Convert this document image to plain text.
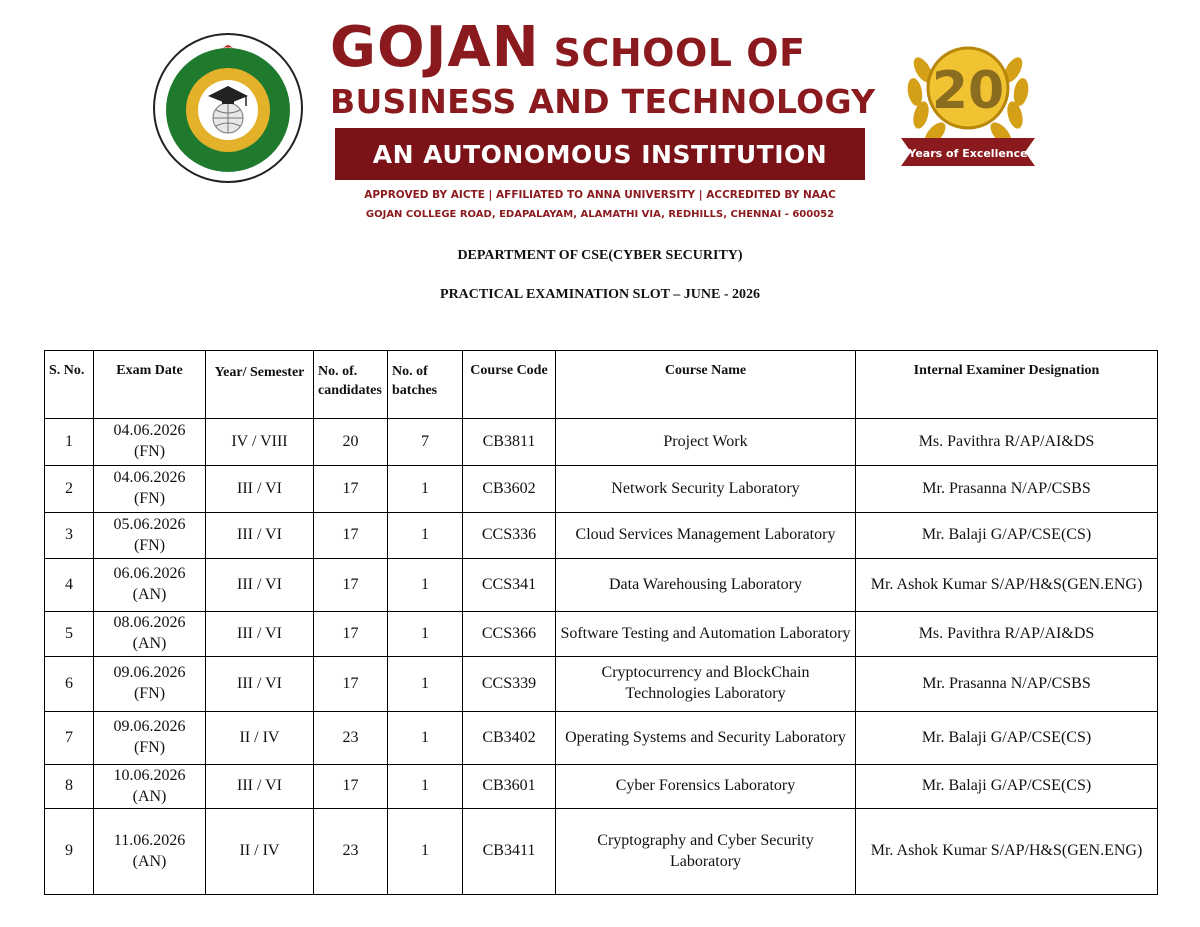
GOJAN SCHOOL OF
BUSINESS AND TECHNOLOGY
AN AUTONOMOUS INSTITUTION
APPROVED BY AICTE | AFFILIATED TO ANNA UNIVERSITY | ACCREDITED BY NAAC
GOJAN COLLEGE ROAD, EDAPALAYAM, ALAMATHI VIA, REDHILLS, CHENNAI - 600052
20
Years of Excellence
DEPARTMENT OF CSE(CYBER SECURITY)
PRACTICAL EXAMINATION SLOT – JUNE - 2026
S. No.	Exam Date	Year/ Semester	No. of. candidates	No. of batches	Course Code	Course Name	Internal Examiner Designation
1	04.06.2026 (FN)	IV / VIII	20	7	CB3811	Project Work	Ms. Pavithra R/AP/AI&DS
2	04.06.2026 (FN)	III / VI	17	1	CB3602	Network Security Laboratory	Mr. Prasanna N/AP/CSBS
3	05.06.2026 (FN)	III / VI	17	1	CCS336	Cloud Services Management Laboratory	Mr. Balaji G/AP/CSE(CS)
4	06.06.2026 (AN)	III / VI	17	1	CCS341	Data Warehousing Laboratory	Mr. Ashok Kumar S/AP/H&S(GEN.ENG)
5	08.06.2026 (AN)	III / VI	17	1	CCS366	Software Testing and Automation Laboratory	Ms. Pavithra R/AP/AI&DS
6	09.06.2026 (FN)	III / VI	17	1	CCS339	Cryptocurrency and BlockChain Technologies Laboratory	Mr. Prasanna N/AP/CSBS
7	09.06.2026 (FN)	II / IV	23	1	CB3402	Operating Systems and Security Laboratory	Mr. Balaji G/AP/CSE(CS)
8	10.06.2026 (AN)	III / VI	17	1	CB3601	Cyber Forensics Laboratory	Mr. Balaji G/AP/CSE(CS)
9	11.06.2026 (AN)	II / IV	23	1	CB3411	Cryptography and Cyber Security Laboratory	Mr. Ashok Kumar S/AP/H&S(GEN.ENG)
